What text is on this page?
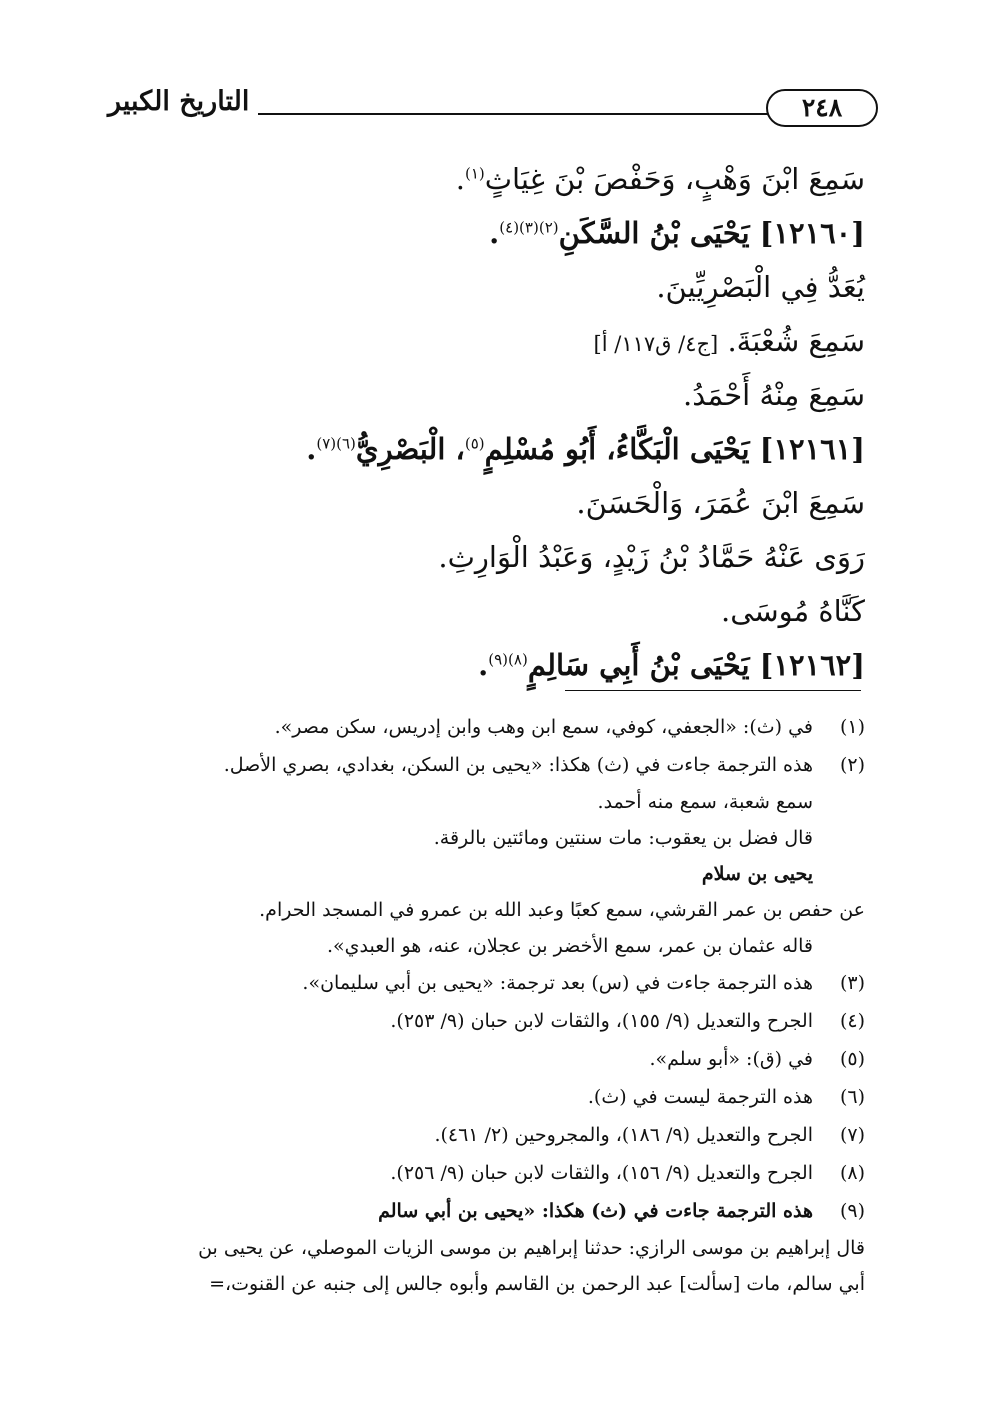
التاريخ الكبير	٢٤٨

سَمِعَ ابْنَ وَهْبٍ، وَحَفْصَ بْنَ غِيَاثٍ$^{(١)}$.

[١٢١٦٠] يَحْيَى بْنُ السَّكَنِ$^{(٢)(٣)(٤)}$.

يُعَدُّ فِي الْبَصْرِيِّينَ.

سَمِعَ شُعْبَةَ. [ج٤/ ق١١٧/ أ]

سَمِعَ مِنْهُ أَحْمَدُ.

[١٢١٦١] يَحْيَى الْبَكَّاءُ، أَبُو مُسْلِمٍ$^{(٥)}$، الْبَصْرِيُّ$^{(٦)(٧)}$.

سَمِعَ ابْنَ عُمَرَ، وَالْحَسَنَ.

رَوَى عَنْهُ حَمَّادُ بْنُ زَيْدٍ، وَعَبْدُ الْوَارِثِ.

كَنَّاهُ مُوسَى.

[١٢١٦٢] يَحْيَى بْنُ أَبِي سَالِمٍ$^{(٨)(٩)}$.

(١)
في (ث): «الجعفي، كوفي، سمع ابن وهب وابن إدريس، سكن مصر».
(٢)
هذه الترجمة جاءت في (ث) هكذا: «يحيى بن السكن، بغدادي، بصري الأصل.
سمع شعبة، سمع منه أحمد.
قال فضل بن يعقوب: مات سنتين ومائتين بالرقة.
يحيى بن سلام
عن حفص بن عمر القرشي، سمع كعبًا وعبد الله بن عمرو في المسجد الحرام.
قاله عثمان بن عمر، سمع الأخضر بن عجلان، عنه، هو العبدي».
(٣)
هذه الترجمة جاءت في (س) بعد ترجمة: «يحيى بن أبي سليمان».
(٤)
الجرح والتعديل (٩/ ١٥٥)، والثقات لابن حبان (٩/ ٢٥٣).
(٥)
في (ق): «أبو سلم».
(٦)
هذه الترجمة ليست في (ث).
(٧)
الجرح والتعديل (٩/ ١٨٦)، والمجروحين (٢/ ٤٦١).
(٨)
الجرح والتعديل (٩/ ١٥٦)، والثقات لابن حبان (٩/ ٢٥٦).
(٩)
هذه الترجمة جاءت في (ث) هكذا: «يحيى بن أبي سالم
قال إبراهيم بن موسى الرازي: حدثنا إبراهيم بن موسى الزيات الموصلي، عن يحيى بن
أبي سالم، مات [سألت] عبد الرحمن بن القاسم وأبوه جالس إلى جنبه عن القنوت،=
